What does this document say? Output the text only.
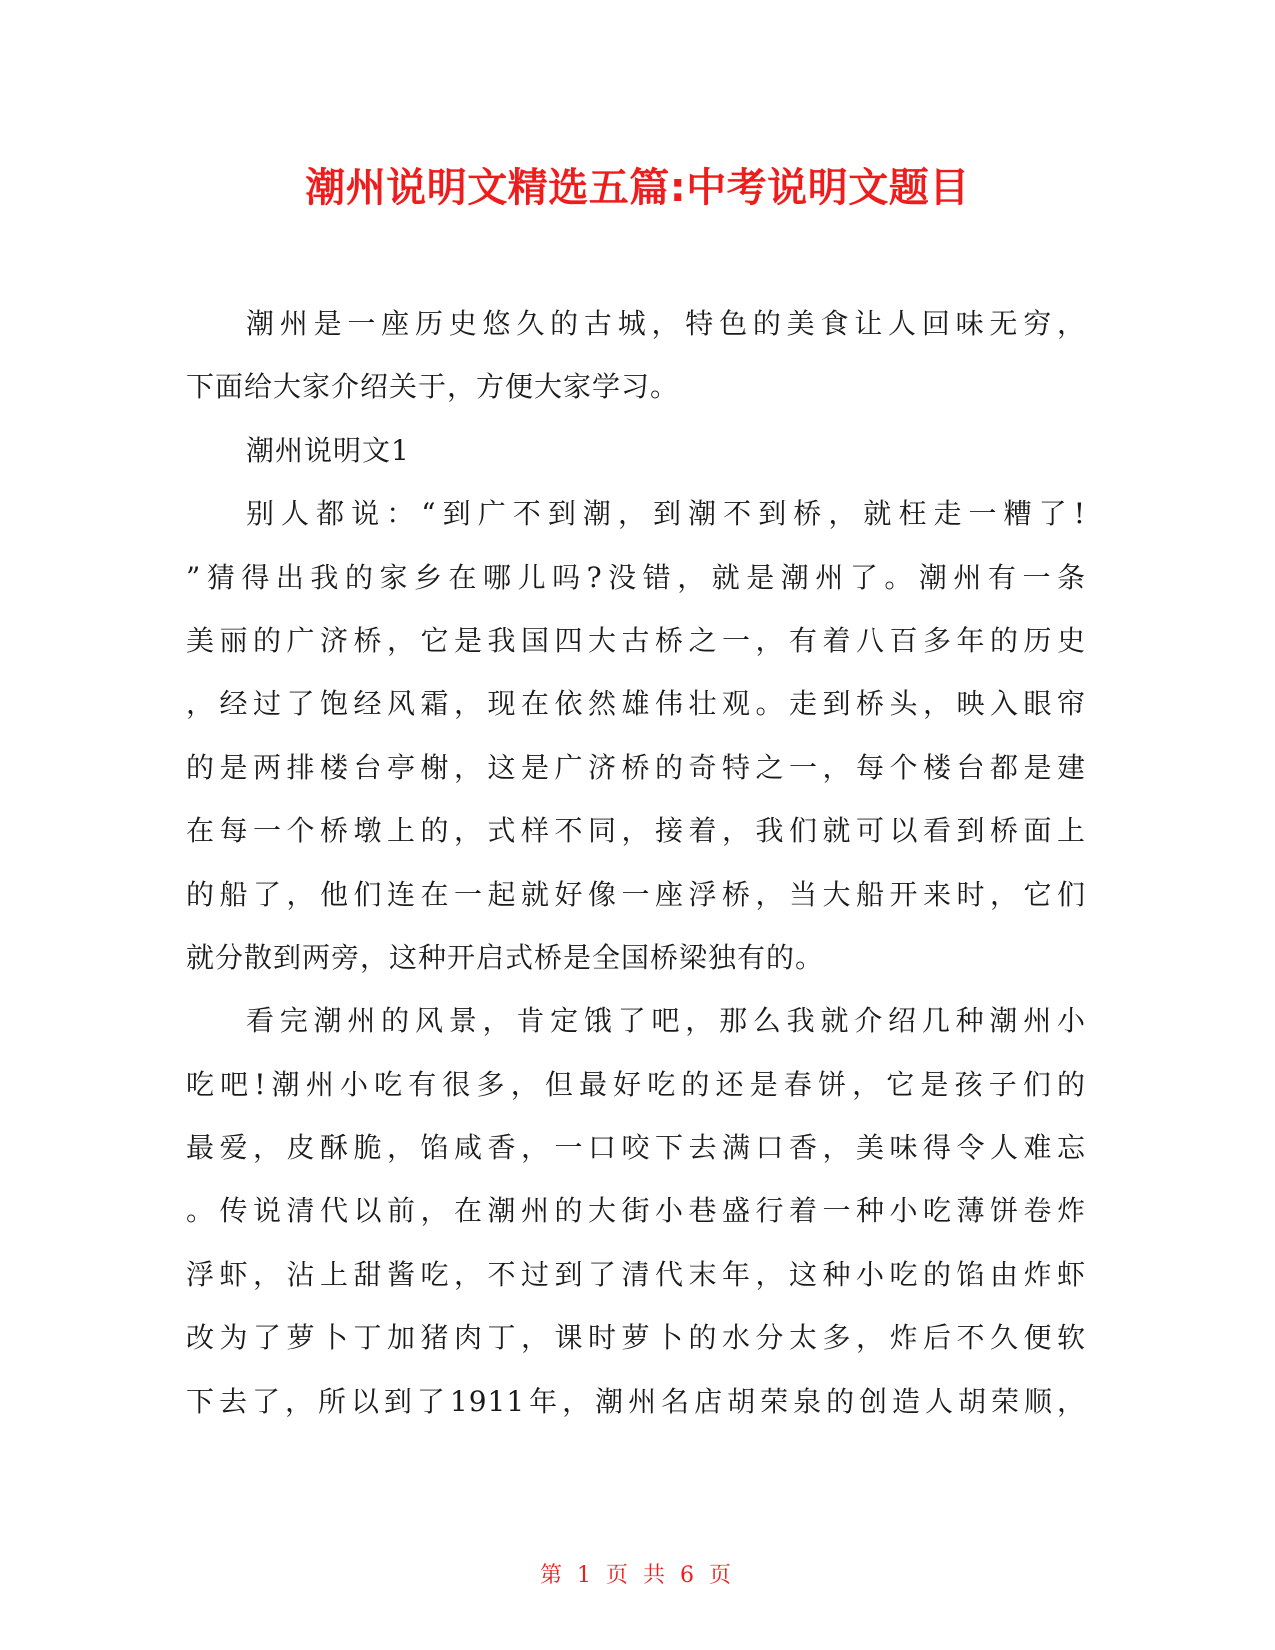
潮州说明文精选五篇:中考说明文题目
潮州是一座历史悠久的古城，特色的美食让人回味无穷，
下面给大家介绍关于，方便大家学习。
潮州说明文1
别人都说：“到广不到潮，到潮不到桥，就枉走一糟了!
”猜得出我的家乡在哪儿吗?没错，就是潮州了。潮州有一条
美丽的广济桥，它是我国四大古桥之一，有着八百多年的历史
，经过了饱经风霜，现在依然雄伟壮观。走到桥头，映入眼帘
的是两排楼台亭榭，这是广济桥的奇特之一，每个楼台都是建
在每一个桥墩上的，式样不同，接着，我们就可以看到桥面上
的船了，他们连在一起就好像一座浮桥，当大船开来时，它们
就分散到两旁，这种开启式桥是全国桥梁独有的。
看完潮州的风景，肯定饿了吧，那么我就介绍几种潮州小
吃吧!潮州小吃有很多，但最好吃的还是春饼，它是孩子们的
最爱，皮酥脆，馅咸香，一口咬下去满口香，美味得令人难忘
。传说清代以前，在潮州的大街小巷盛行着一种小吃薄饼卷炸
浮虾，沾上甜酱吃，不过到了清代末年，这种小吃的馅由炸虾
改为了萝卜丁加猪肉丁，课时萝卜的水分太多，炸后不久便软
下去了，所以到了1911年，潮州名店胡荣泉的创造人胡荣顺，
第 1 页 共 6 页
